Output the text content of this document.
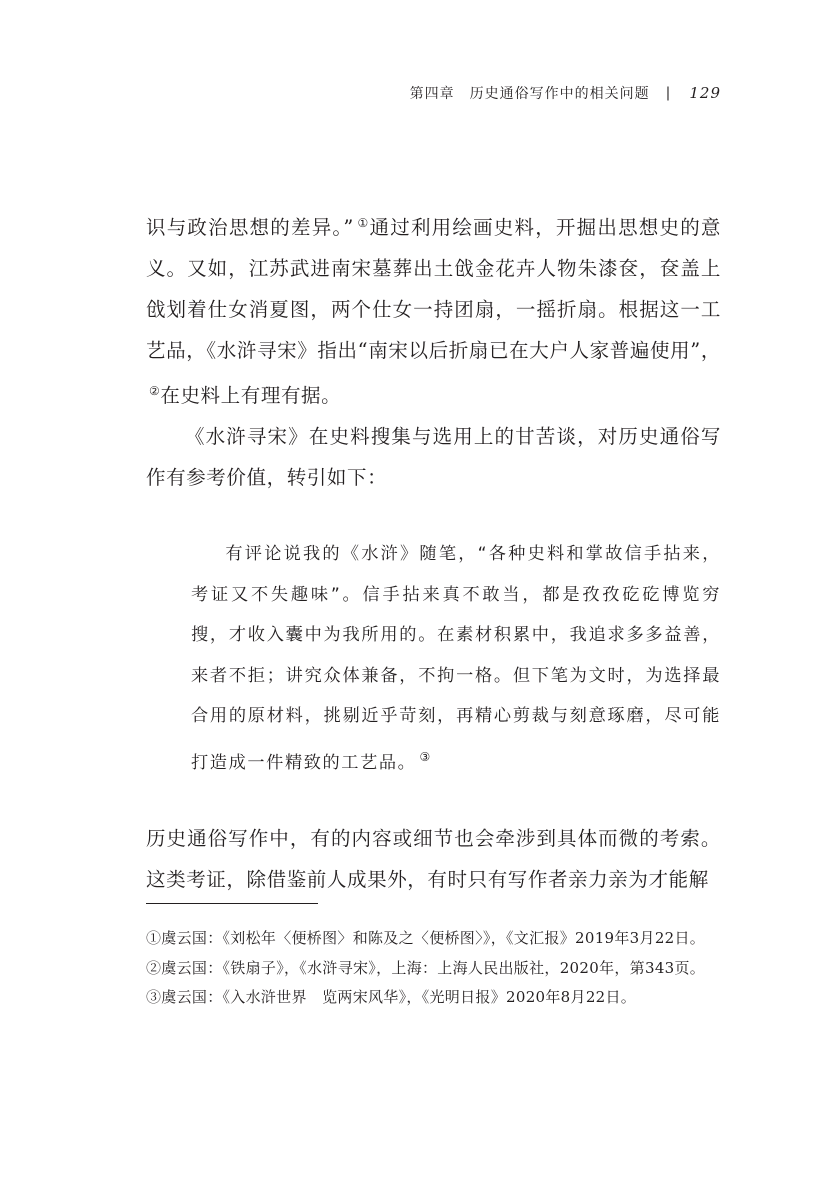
第四章　历史通俗写作中的相关问题 | 129

识与政治思想的差异。” ①通过利用绘画史料，开掘出思想史的意义。又如，江苏武进南宋墓葬出土戗金花卉人物朱漆奁，奁盖上戗划着仕女消夏图，两个仕女一持团扇，一摇折扇。根据这一工艺品，《水浒寻宋》指出“南宋以后折扇已在大户人家普遍使用”，②在史料上有理有据。

《水浒寻宋》在史料搜集与选用上的甘苦谈，对历史通俗写作有参考价值，转引如下：

有评论说我的《水浒》随笔，“各种史料和掌故信手拈来，考证又不失趣味”。信手拈来真不敢当，都是孜孜矻矻博览穷搜，才收入囊中为我所用的。在素材积累中，我追求多多益善，来者不拒；讲究众体兼备，不拘一格。但下笔为文时，为选择最合用的原材料，挑剔近乎苛刻，再精心剪裁与刻意琢磨，尽可能打造成一件精致的工艺品。 ③

历史通俗写作中，有的内容或细节也会牵涉到具体而微的考索。这类考证，除借鉴前人成果外，有时只有写作者亲力亲为才能解

①虞云国：《刘松年〈便桥图〉和陈及之〈便桥图〉》，《文汇报》2019年3月22日。

②虞云国：《铁扇子》，《水浒寻宋》，上海：上海人民出版社，2020年，第343页。

③虞云国：《入水浒世界　览两宋风华》，《光明日报》2020年8月22日。
